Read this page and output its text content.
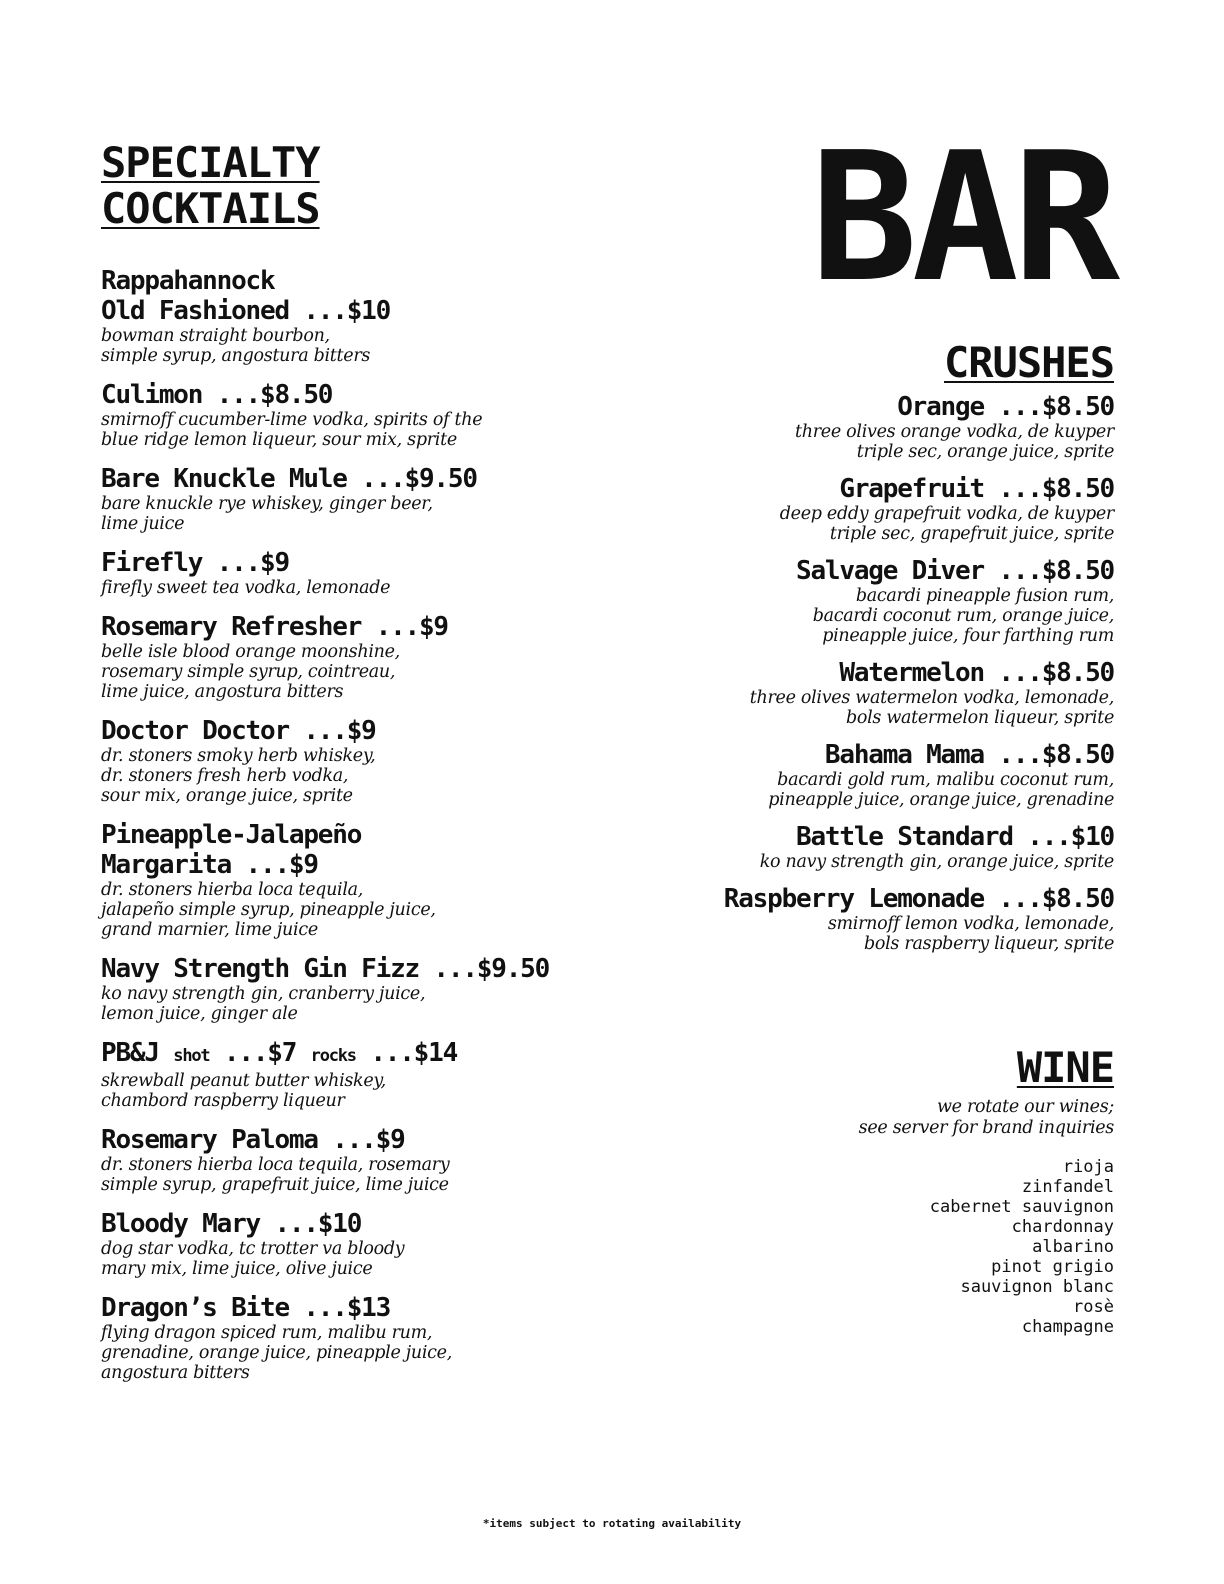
SPECIALTY COCKTAILS
Rappahannock
Old Fashioned ...$10
bowman straight bourbon,
simple syrup, angostura bitters
Culimon ...$8.50
smirnoff cucumber-lime vodka, spirits of the
blue ridge lemon liqueur, sour mix, sprite
Bare Knuckle Mule ...$9.50
bare knuckle rye whiskey, ginger beer,
lime juice
Firefly ...$9
firefly sweet tea vodka, lemonade
Rosemary Refresher ...$9
belle isle blood orange moonshine,
rosemary simple syrup, cointreau,
lime juice, angostura bitters
Doctor Doctor ...$9
dr. stoners smoky herb whiskey,
dr. stoners fresh herb vodka,
sour mix, orange juice, sprite
Pineapple-Jalapeño
Margarita ...$9
dr. stoners hierba loca tequila,
jalapeño simple syrup, pineapple juice,
grand marnier, lime juice
Navy Strength Gin Fizz ...$9.50
ko navy strength gin, cranberry juice,
lemon juice, ginger ale
PB&J shot ...$7 rocks ...$14
skrewball peanut butter whiskey,
chambord raspberry liqueur
Rosemary Paloma ...$9
dr. stoners hierba loca tequila, rosemary
simple syrup, grapefruit juice, lime juice
Bloody Mary ...$10
dog star vodka, tc trotter va bloody
mary mix, lime juice, olive juice
Dragon’s Bite ...$13
flying dragon spiced rum, malibu rum,
grenadine, orange juice, pineapple juice,
angostura bitters
BAR
CRUSHES
Orange ...$8.50
three olives orange vodka, de kuyper
triple sec, orange juice, sprite
Grapefruit ...$8.50
deep eddy grapefruit vodka, de kuyper
triple sec, grapefruit juice, sprite
Salvage Diver ...$8.50
bacardi pineapple fusion rum,
bacardi coconut rum, orange juice,
pineapple juice, four farthing rum
Watermelon ...$8.50
three olives watermelon vodka, lemonade,
bols watermelon liqueur, sprite
Bahama Mama ...$8.50
bacardi gold rum, malibu coconut rum,
pineapple juice, orange juice, grenadine
Battle Standard ...$10
ko navy strength gin, orange juice, sprite
Raspberry Lemonade ...$8.50
smirnoff lemon vodka, lemonade,
bols raspberry liqueur, sprite
WINE
we rotate our wines;
see server for brand inquiries
rioja
zinfandel
cabernet sauvignon
chardonnay
albarino
pinot grigio
sauvignon blanc
rosè
champagne
*items subject to rotating availability
